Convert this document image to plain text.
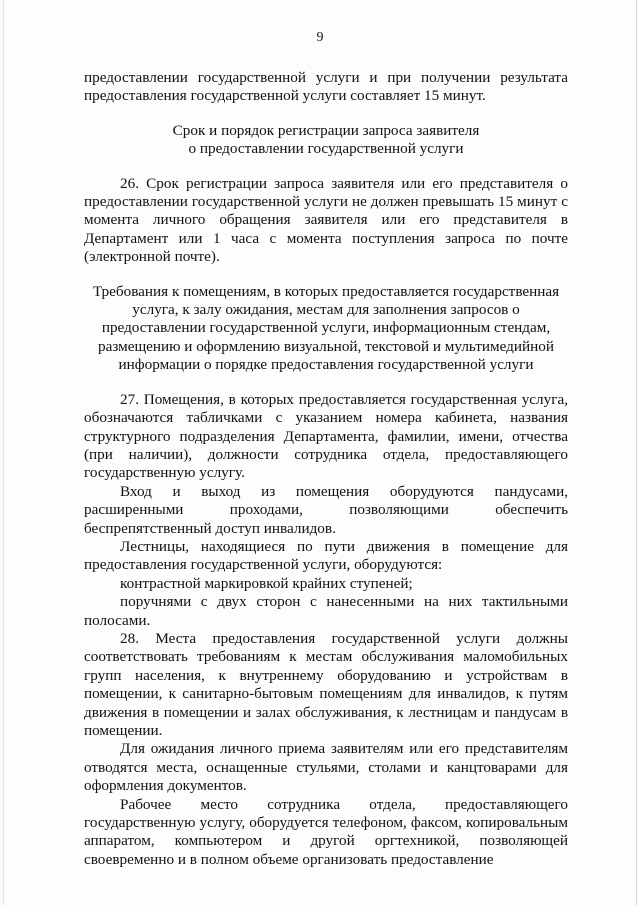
9

предоставлении государственной услуги и при получении результата предоставления государственной услуги составляет 15 минут.

Срок и порядок регистрации запроса заявителя
о предоставлении государственной услуги

26. Срок регистрации запроса заявителя или его представителя о предоставлении государственной услуги не должен превышать 15 минут с момента личного обращения заявителя или его представителя в Департамент или 1 часа с момента поступления запроса по почте (электронной почте).

Требования к помещениям, в которых предоставляется государственная
услуга, к залу ожидания, местам для заполнения запросов о
предоставлении государственной услуги, информационным стендам,
размещению и оформлению визуальной, текстовой и мультимедийной
информации о порядке предоставления государственной услуги

27. Помещения, в которых предоставляется государственная услуга, обозначаются табличками с указанием номера кабинета, названия структурного подразделения Департамента, фамилии, имени, отчества (при наличии), должности сотрудника отдела, предоставляющего государственную услугу.

Вход и выход из помещения оборудуются пандусами, расширенными проходами, позволяющими обеспечить беспрепятственный доступ инвалидов.

Лестницы, находящиеся по пути движения в помещение для предоставления государственной услуги, оборудуются:

контрастной маркировкой крайних ступеней;

поручнями с двух сторон с нанесенными на них тактильными полосами.

28. Места предоставления государственной услуги должны соответствовать требованиям к местам обслуживания маломобильных групп населения, к внутреннему оборудованию и устройствам в помещении, к санитарно-бытовым помещениям для инвалидов, к путям движения в помещении и залах обслуживания, к лестницам и пандусам в помещении.

Для ожидания личного приема заявителям или его представителям отводятся места, оснащенные стульями, столами и канцтоварами для оформления документов.

Рабочее место сотрудника отдела, предоставляющего государственную услугу, оборудуется телефоном, факсом, копировальным аппаратом, компьютером и другой оргтехникой, позволяющей своевременно и в полном объеме организовать предоставление
